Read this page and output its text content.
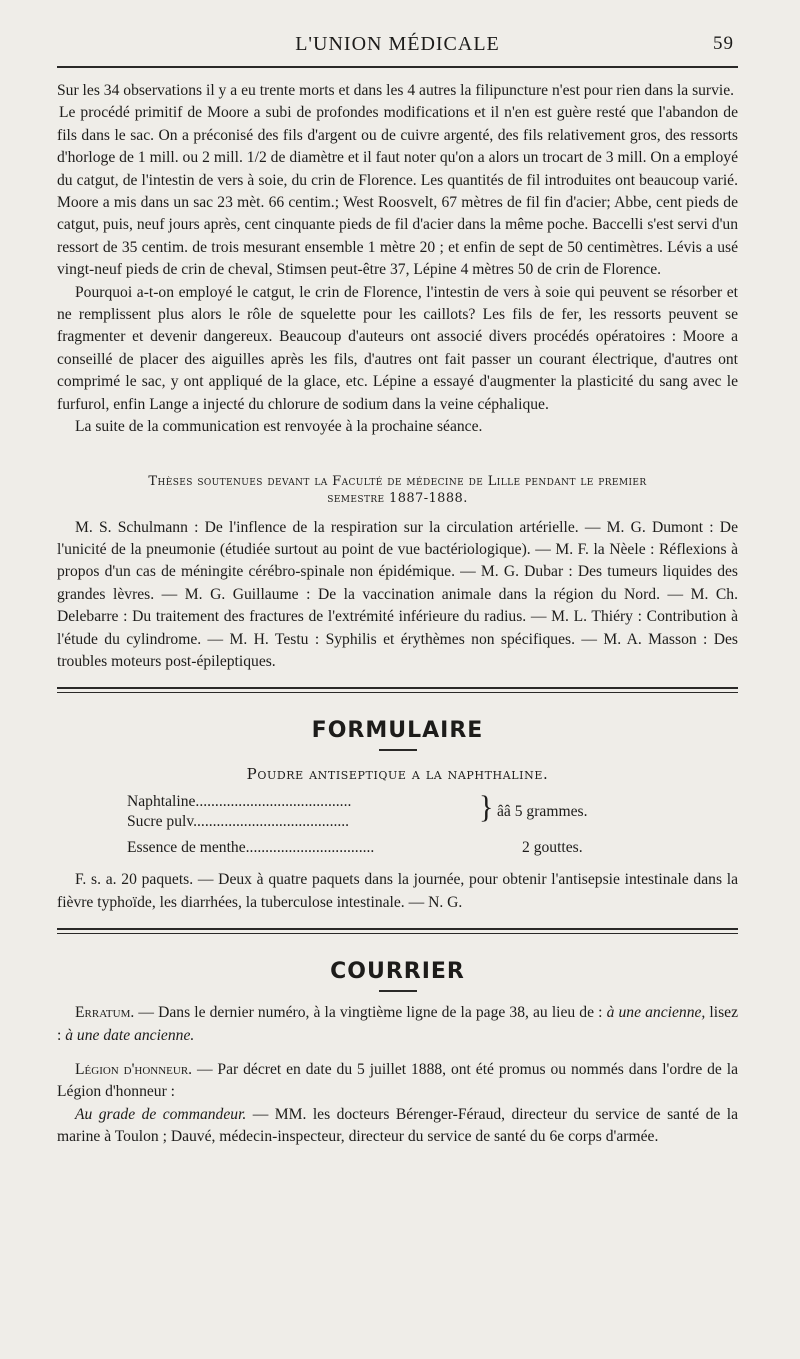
L'UNION MÉDICALE	59

Sur les 34 observations il y a eu trente morts et dans les 4 autres la filipuncture n'est pour rien dans la survie.

Le procédé primitif de Moore a subi de profondes modifications et il n'en est guère resté que l'abandon de fils dans le sac. On a préconisé des fils d'argent ou de cuivre argenté, des fils relativement gros, des ressorts d'horloge de 1 mill. ou 2 mill. 1/2 de diamètre et il faut noter qu'on a alors un trocart de 3 mill. On a employé du catgut, de l'intestin de vers à soie, du crin de Florence. Les quantités de fil introduites ont beaucoup varié. Moore a mis dans un sac 23 mèt. 66 centim.; West Roosvelt, 67 mètres de fil fin d'acier; Abbe, cent pieds de catgut, puis, neuf jours après, cent cinquante pieds de fil d'acier dans la même poche. Baccelli s'est servi d'un ressort de 35 centim. de trois mesurant ensemble 1 mètre 20 ; et enfin de sept de 50 centimètres. Lévis a usé vingt-neuf pieds de crin de cheval, Stimsen peut-être 37, Lépine 4 mètres 50 de crin de Florence.

Pourquoi a-t-on employé le catgut, le crin de Florence, l'intestin de vers à soie qui peuvent se résorber et ne remplissent plus alors le rôle de squelette pour les caillots? Les fils de fer, les ressorts peuvent se fragmenter et devenir dangereux. Beaucoup d'auteurs ont associé divers procédés opératoires : Moore a conseillé de placer des aiguilles après les fils, d'autres ont fait passer un courant électrique, d'autres ont comprimé le sac, y ont appliqué de la glace, etc. Lépine a essayé d'augmenter la plasticité du sang avec le furfurol, enfin Lange a injecté du chlorure de sodium dans la veine céphalique.

La suite de la communication est renvoyée à la prochaine séance.

Thèses soutenues devant la Faculté de médecine de Lille pendant le premier
semestre 1887-1888.

M. S. Schulmann : De l'inflence de la respiration sur la circulation artérielle. — M. G. Dumont : De l'unicité de la pneumonie (étudiée surtout au point de vue bactériologique). — M. F. la Nèele : Réflexions à propos d'un cas de méningite cérébro-spinale non épidémique. — M. G. Dubar : Des tumeurs liquides des grandes lèvres. — M. G. Guillaume : De la vaccination animale dans la région du Nord. — M. Ch. Delebarre : Du traitement des fractures de l'extrémité inférieure du radius. — M. L. Thiéry : Contribution à l'étude du cylindrome. — M. H. Testu : Syphilis et érythèmes non spécifiques. — M. A. Masson : Des troubles moteurs post-épileptiques.

FORMULAIRE
Poudre antiseptique a la naphthaline.
Naphtaline........................................
Sucre pulv........................................	} ââ 5 grammes.
Essence de menthe.................................	2 gouttes.

F. s. a. 20 paquets. — Deux à quatre paquets dans la journée, pour obtenir l'antisepsie intestinale dans la fièvre typhoïde, les diarrhées, la tuberculose intestinale. — N. G.

COURRIER

Erratum. — Dans le dernier numéro, à la vingtième ligne de la page 38, au lieu de : à une ancienne, lisez : à une date ancienne.

Légion d'honneur. — Par décret en date du 5 juillet 1888, ont été promus ou nommés dans l'ordre de la Légion d'honneur :

Au grade de commandeur. — MM. les docteurs Bérenger-Féraud, directeur du service de santé de la marine à Toulon ; Dauvé, médecin-inspecteur, directeur du service de santé du 6e corps d'armée.
